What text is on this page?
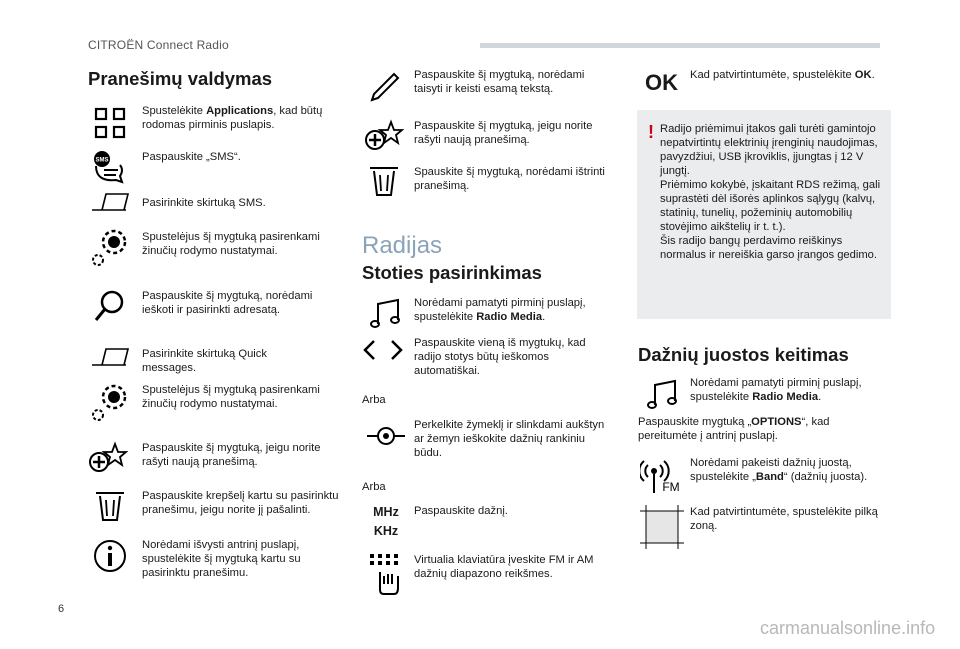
CITROËN Connect Radio
Pranešimų valdymas
SMS
Spustelėkite Applications, kad būtų rodomas pirminis puslapis.
Paspauskite „SMS“.
Pasirinkite skirtuką SMS.
Spustelėjus šį mygtuką pasirenkami žinučių rodymo nustatymai.
Paspauskite šį mygtuką, norėdami ieškoti ir pasirinkti adresatą.
Pasirinkite skirtuką Quick messages.
Spustelėjus šį mygtuką pasirenkami žinučių rodymo nustatymai.
Paspauskite šį mygtuką, jeigu norite rašyti naują pranešimą.
Paspauskite krepšelį kartu su pasirinktu pranešimu, jeigu norite jį pašalinti.
Norėdami išvysti antrinį puslapį, spustelėkite šį mygtuką kartu su pasirinktu pranešimu.
Paspauskite šį mygtuką, norėdami taisyti ir keisti esamą tekstą.
Paspauskite šį mygtuką, jeigu norite rašyti naują pranešimą.
Spauskite šį mygtuką, norėdami ištrinti pranešimą.
Radijas
Stoties pasirinkimas
MHz
KHz
Norėdami pamatyti pirminį puslapį, spustelėkite Radio Media.
Paspauskite vieną iš mygtukų, kad radijo stotys būtų ieškomos automatiškai.
Arba
Perkelkite žymeklį ir slinkdami aukštyn ar žemyn ieškokite dažnių rankiniu būdu.
Arba
Paspauskite dažnį.
Virtualia klaviatūra įveskite FM ir AM dažnių diapazono reikšmes.
OK Kad patvirtintumėte, spustelėkite OK.
! Radijo priėmimui įtakos gali turėti gamintojo nepatvirtintų elektrinių įrenginių naudojimas, pavyzdžiui, USB įkroviklis, įjungtas į 12 V jungtį.
Priėmimo kokybė, įskaitant RDS režimą, gali suprastėti dėl išorės aplinkos sąlygų (kalvų, statinių, tunelių, požeminių automobilių stovėjimo aikštelių ir t. t.).
Šis radijo bangų perdavimo reiškinys normalus ir nereiškia garso įrangos gedimo.
Dažnių juostos keitimas
Norėdami pamatyti pirminį puslapį, spustelėkite Radio Media.
Paspauskite mygtuką „OPTIONS“, kad pereitumėte į antrinį puslapį.
FM
Norėdami pakeisti dažnių juostą, spustelėkite „Band“ (dažnių juosta).
Kad patvirtintumėte, spustelėkite pilką zoną.
6
carmanualsonline.info
